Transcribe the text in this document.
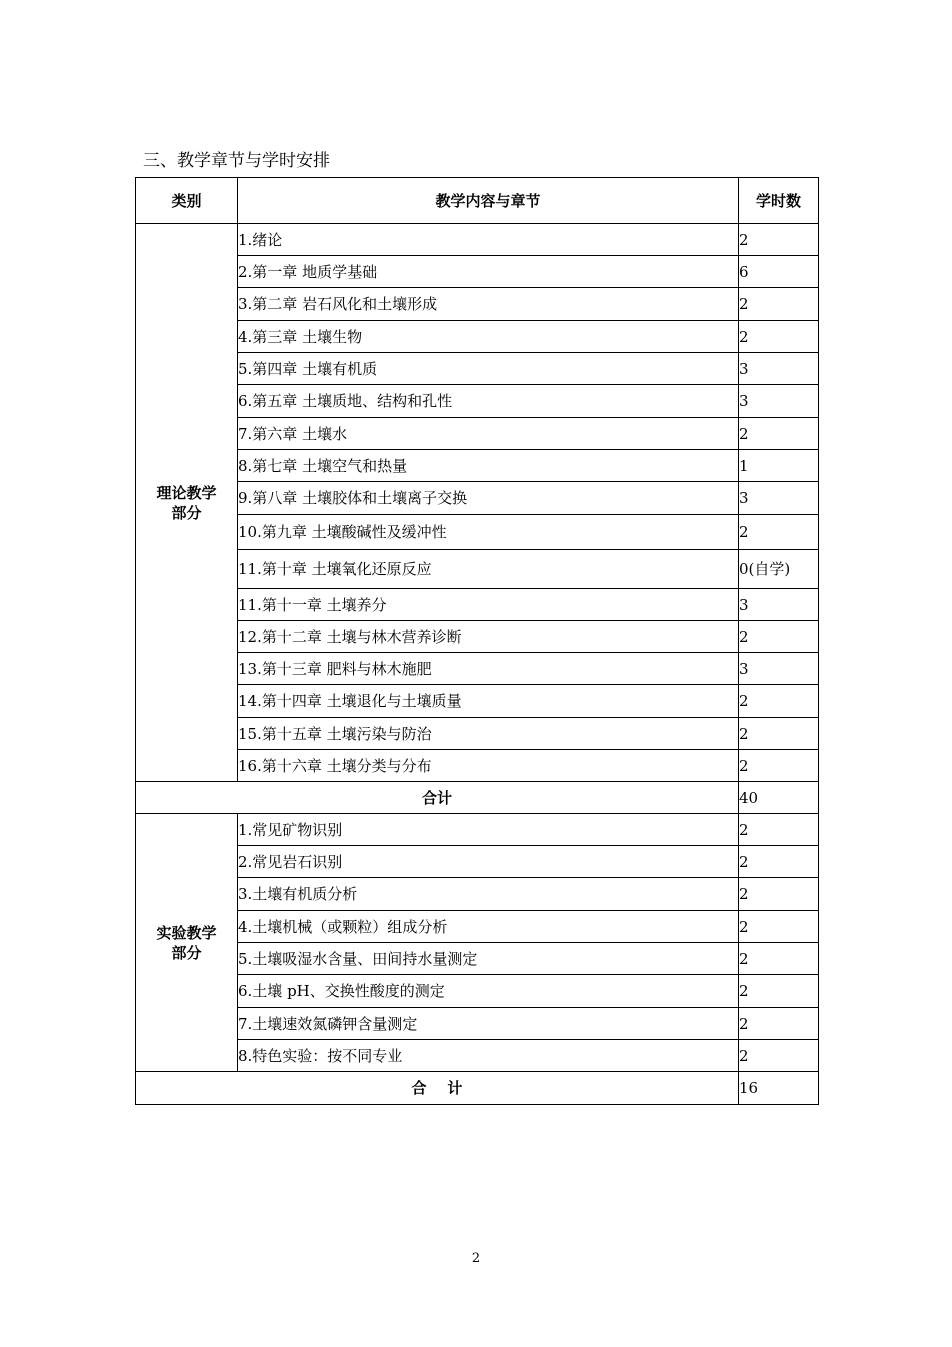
三、教学章节与学时安排
类别	教学内容与章节	学时数

理论教学
部分	1.绪论	2
	2.第一章 地质学基础	6
	3.第二章 岩石风化和土壤形成	2
	4.第三章 土壤生物	2
	5.第四章 土壤有机质	3
	6.第五章 土壤质地、结构和孔性	3
	7.第六章 土壤水	2
	8.第七章 土壤空气和热量	1
	9.第八章 土壤胶体和土壤离子交换	3
	10.第九章 土壤酸碱性及缓冲性	2
	11.第十章 土壤氧化还原反应	0(自学)
	11.第十一章 土壤养分	3
	12.第十二章 土壤与林木营养诊断	2
	13.第十三章 肥料与林木施肥	3
	14.第十四章 土壤退化与土壤质量	2
	15.第十五章 土壤污染与防治	2
	16.第十六章 土壤分类与分布	2
合计		40

实验教学
部分	1.常见矿物识别	2
	2.常见岩石识别	2
	3.土壤有机质分析	2
	4.土壤机械（或颗粒）组成分析	2
	5.土壤吸湿水含量、田间持水量测定	2
	6.土壤 pH、交换性酸度的测定	2
	7.土壤速效氮磷钾含量测定	2
	8.特色实验：按不同专业	2
合    计		16
2
